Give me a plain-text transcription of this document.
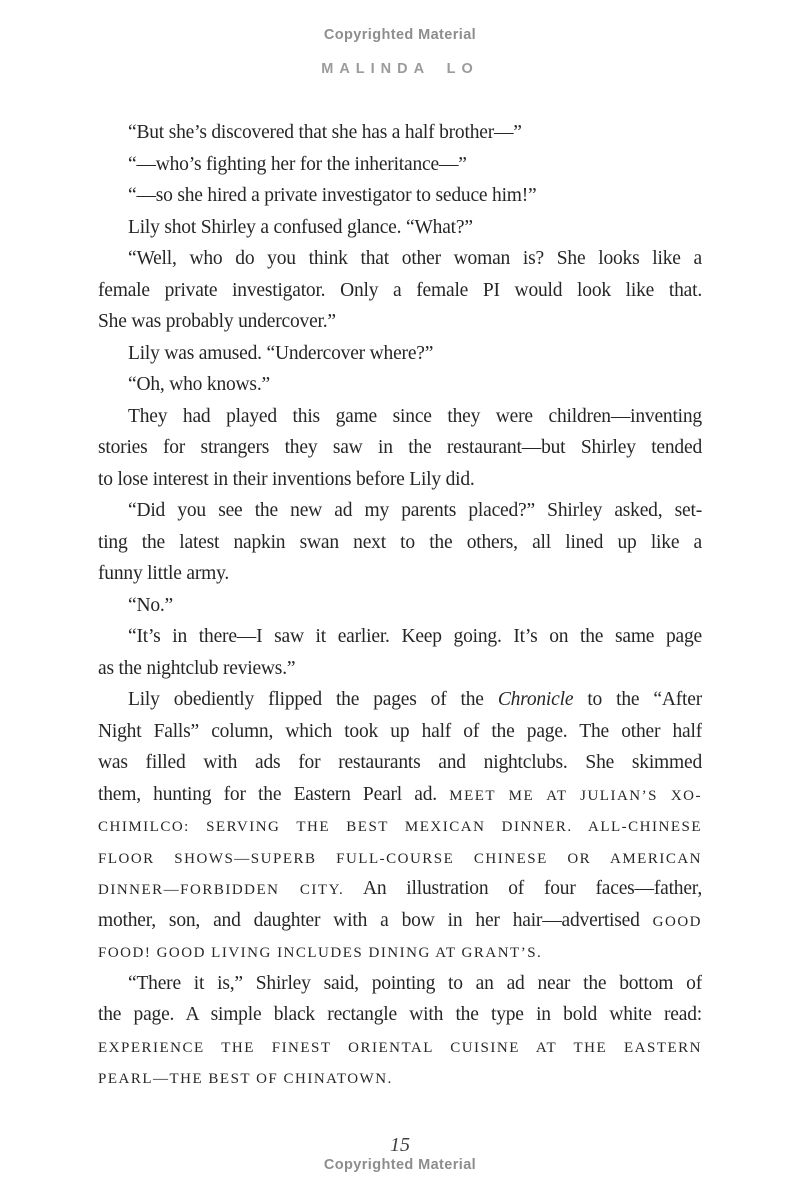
Copyrighted Material
MALINDA LO
“But she’s discovered that she has a half brother—”
“—who’s fighting her for the inheritance—”
“—so she hired a private investigator to seduce him!”
Lily shot Shirley a confused glance. “What?”
“Well, who do you think that other woman is? She looks like a
female private investigator. Only a female PI would look like that.
She was probably undercover.”
Lily was amused. “Undercover where?”
“Oh, who knows.”
They had played this game since they were children—inventing
stories for strangers they saw in the restaurant—but Shirley tended
to lose interest in their inventions before Lily did.
“Did you see the new ad my parents placed?” Shirley asked, set-
ting the latest napkin swan next to the others, all lined up like a
funny little army.
“No.”
“It’s in there—I saw it earlier. Keep going. It’s on the same page
as the nightclub reviews.”
Lily obediently flipped the pages of the Chronicle to the “After
Night Falls” column, which took up half of the page. The other half
was filled with ads for restaurants and nightclubs. She skimmed
them, hunting for the Eastern Pearl ad. MEET ME AT JULIAN’S XO-
CHIMILCO: SERVING THE BEST MEXICAN DINNER. ALL-CHINESE
FLOOR SHOWS—SUPERB FULL-COURSE CHINESE OR AMERICAN
DINNER—FORBIDDEN CITY. An illustration of four faces—father,
mother, son, and daughter with a bow in her hair—advertised GOOD
FOOD! GOOD LIVING INCLUDES DINING AT GRANT’S.
“There it is,” Shirley said, pointing to an ad near the bottom of
the page. A simple black rectangle with the type in bold white read:
EXPERIENCE THE FINEST ORIENTAL CUISINE AT THE EASTERN
PEARL—THE BEST OF CHINATOWN.
15
Copyrighted Material
